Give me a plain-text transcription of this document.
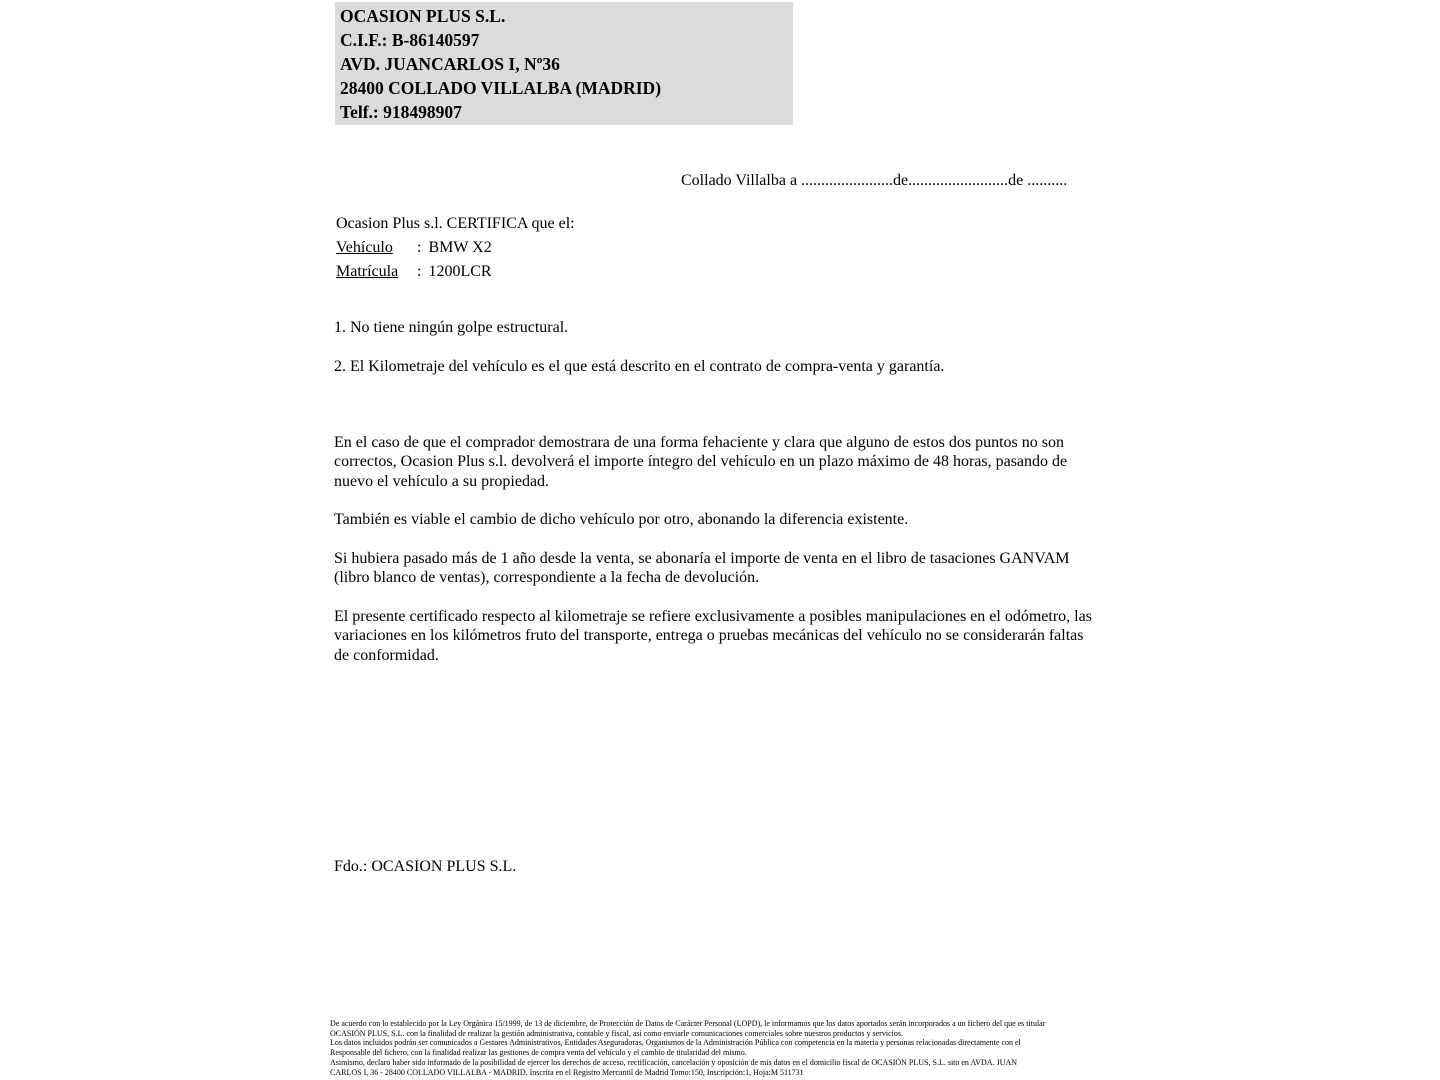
OCASION PLUS S.L.
C.I.F.: B-86140597
AVD. JUANCARLOS I, Nº36
28400 COLLADO VILLALBA (MADRID)
Telf.: 918498907
Collado Villalba a .......................de.........................de ..........
Ocasion Plus s.l. CERTIFICA que el:
Vehículo : BMW X2
Matrícula : 1200LCR
1. No tiene ningún golpe estructural.
2. El Kilometraje del vehículo es el que está descrito en el contrato de compra-venta y garantía.

En el caso de que el comprador demostrara de una forma fehaciente y clara que alguno de estos dos puntos no son correctos, Ocasion Plus s.l. devolverá el importe íntegro del vehículo en un plazo máximo de 48 horas, pasando de nuevo el vehículo a su propiedad.

También es viable el cambio de dicho vehículo por otro, abonando la diferencia existente.

Si hubiera pasado más de 1 año desde la venta, se abonaría el importe de venta en el libro de tasaciones GANVAM (libro blanco de ventas), correspondiente a la fecha de devolución.

El presente certificado respecto al kilometraje se refiere exclusivamente a posibles manipulaciones en el odómetro, las variaciones en los kilómetros fruto del transporte, entrega o pruebas mecánicas del vehículo no se considerarán faltas de conformidad.

Fdo.: OCASION PLUS S.L.
De acuerdo con lo establecido por la Ley Orgánica 15/1999, de 13 de diciembre, de Protección de Datos de Carácter Personal (LOPD), le informamos que los datos aportados serán incorporados a un fichero del que es titular
OCASIÓN PLUS, S.L. con la finalidad de realizar la gestión administrativa, contable y fiscal, así como enviarle comunicaciones comerciales sobre nuestros productos y servicios.
Los datos incluidos podrán ser comunicados a Gestores Administrativos, Entidades Aseguradoras, Organismos de la Administración Pública con competencia en la materia y personas relacionadas directamente con el
Responsable del fichero, con la finalidad realizar las gestiones de compra venta del vehículo y el cambio de titularidad del mismo.
Asimismo, declaro haber sido informado de la posibilidad de ejercer los derechos de acceso, rectificación, cancelación y oposición de mis datos en el domicilio fiscal de OCASIÓN PLUS, S.L. sito en AVDA. JUAN
CARLOS I, 36 - 28400 COLLADO VILLALBA - MADRID. Inscrita en el Registro Mercantil de Madrid Tomo:150, Inscripción:1, Hoja:M 511731
